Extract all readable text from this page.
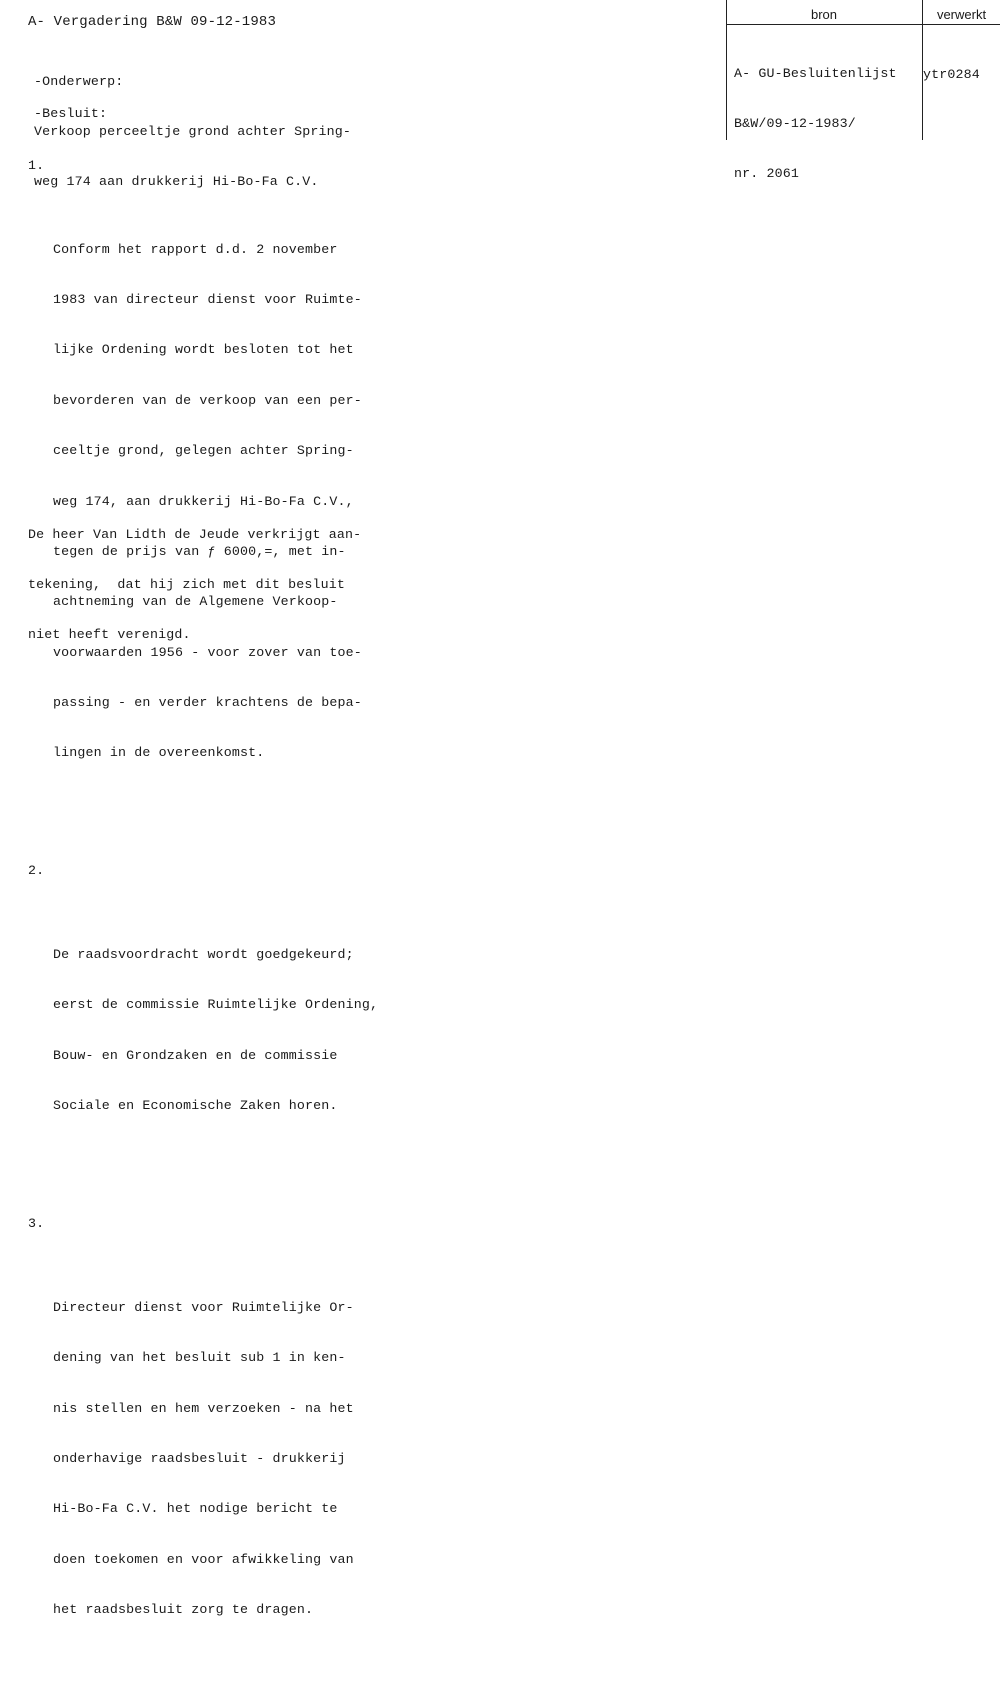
A- Vergadering B&W 09-12-1983

-Onderwerp:

Verkoop perceeltje grond achter Spring-

weg 174 aan drukkerij Hi-Bo-Fa C.V.

-Besluit:

1.

Conform het rapport d.d. 2 november

1983 van directeur dienst voor Ruimte-

lijke Ordening wordt besloten tot het

bevorderen van de verkoop van een per-

ceeltje grond, gelegen achter Spring-

weg 174, aan drukkerij Hi-Bo-Fa C.V.,

tegen de prijs van ƒ 6000,=, met in-

achtneming van de Algemene Verkoop-

voorwaarden 1956 - voor zover van toe-

passing - en verder krachtens de bepa-

lingen in de overeenkomst.

2.

De raadsvoordracht wordt goedgekeurd;

eerst de commissie Ruimtelijke Ordening,

Bouw- en Grondzaken en de commissie

Sociale en Economische Zaken horen.

3.

Directeur dienst voor Ruimtelijke Or-

dening van het besluit sub 1 in ken-

nis stellen en hem verzoeken - na het

onderhavige raadsbesluit - drukkerij

Hi-Bo-Fa C.V. het nodige bericht te

doen toekomen en voor afwikkeling van

het raadsbesluit zorg te dragen.

De heer Van Lidth de Jeude verkrijgt aan-

tekening,  dat hij zich met dit besluit

niet heeft verenigd.

bron	verwerkt

A- GU-Besluitenlijst

B&W/09-12-1983/

nr. 2061

ytr0284
